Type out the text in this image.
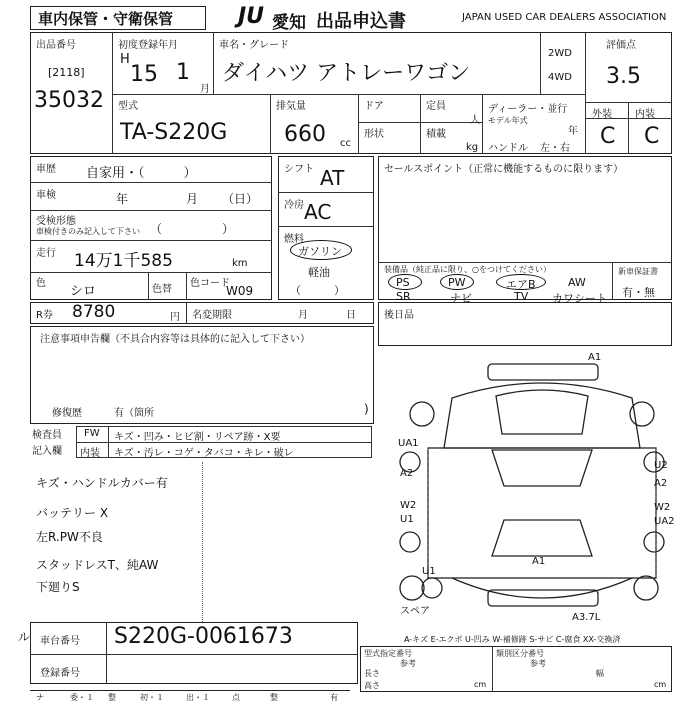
車内保管・守衛保管	JU 愛知 出品申込書	JAPAN USED CAR DEALERS ASSOCIATION
出品番号
[2118]
35032
初度登録年月
H
15 1
月
車名・グレード
ダイハツ アトレーワゴン
2WD
4WD
評価点
3.5
外装 内装
C C
型式
TA-S220G
排気量
660 cc
ドア
形状
定員
人
積載
kg
ディーラー・並行
モデル年式
年
ハンドル 左・右
車歴 自家用・（　　　）
車検	年	月 （日）
受検形態
車検付きのみ記入して下さい （　　　　　）
走行 14万1千585	km
色
シロ	色替
色コード
W09
シフト AT
冷房 AC
燃料
ガソリン
軽油
（　　　）
セールスポイント（正常に機能するものに限ります）
装備品（純正品に限り、○をつけてください）	新車保証書
有・無
PS	PW	エアB	AW
SR	ナビ	TV カワシート
R券 8780	円 名変期限	月	日	後日品
注意事項申告欄（不具合内容等は具体的に記入して下さい）
修復歴	有（箇所	)
検査員記入欄
FW キズ・凹み・ヒビ割・リペア跡・X要
内装 キズ・汚レ・コゲ・タバコ・キレ・破レ
キズ・ハンドルカバー有
バッテリー X
左R.PW不良
スタッドレスT、純AW
下廻りS
A1
UA1
A2
W2
U1
U2
A2
W2
UA2
A1
U1
A3.7L
スペア
A-キズ E-エクボ U-凹み W-補修跡 S-サビ C-腐食 XX-交換済
ル 車台番号 S220G-0061673
登録番号
型式指定番号
参考
長さ
高さ
類別区分番号
参考
幅
cm	cm
ナ	委・１ 整	初・１	出・１	点	整	有
